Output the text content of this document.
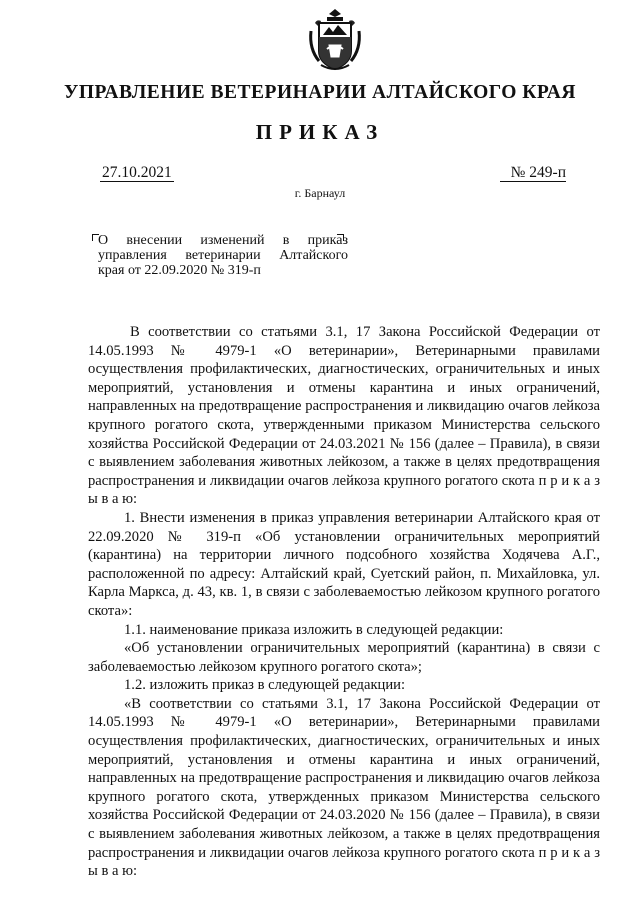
УПРАВЛЕНИЕ ВЕТЕРИНАРИИ АЛТАЙСКОГО КРАЯ
ПРИКАЗ
27.10.2021	№ 249-п
г. Барнаул
О внесении изменений в приказ
управления ветеринарии Алтайского
края от 22.09.2020 № 319-п

В соответствии со статьями 3.1, 17 Закона Российской Федерации от 14.05.1993 № 4979-1 «О ветеринарии», Ветеринарными правилами осуществления профилактических, диагностических, ограничительных и иных мероприятий, установления и отмены карантина и иных ограничений, направленных на предотвращение распространения и ликвидацию очагов лейкоза крупного рогатого скота, утвержденными приказом Министерства сельского хозяйства Российской Федерации от 24.03.2021 № 156 (далее – Правила), в связи с выявлением заболевания животных лейкозом, а также в целях предотвращения распространения и ликвидации очагов лейкоза крупного рогатого скота п р и к а з ы в а ю:

1. Внести изменения в приказ управления ветеринарии Алтайского края от 22.09.2020 № 319-п «Об установлении ограничительных мероприятий (карантина) на территории личного подсобного хозяйства Ходячева А.Г., расположенной по адресу: Алтайский край, Суетский район, п. Михайловка, ул. Карла Маркса, д. 43, кв. 1, в связи с заболеваемостью лейкозом крупного рогатого скота»:

1.1. наименование приказа изложить в следующей редакции:

«Об установлении ограничительных мероприятий (карантина) в связи с заболеваемостью лейкозом крупного рогатого скота»;

1.2. изложить приказ в следующей редакции:

«В соответствии со статьями 3.1, 17 Закона Российской Федерации от 14.05.1993 № 4979-1 «О ветеринарии», Ветеринарными правилами осуществления профилактических, диагностических, ограничительных и иных мероприятий, установления и отмены карантина и иных ограничений, направленных на предотвращение распространения и ликвидацию очагов лейкоза крупного рогатого скота, утвержденных приказом Министерства сельского хозяйства Российской Федерации от 24.03.2020 № 156 (далее – Правила), в связи с выявлением заболевания животных лейкозом, а также в целях предотвращения распространения и ликвидации очагов лейкоза крупного рогатого скота п р и к а з ы в а ю:
